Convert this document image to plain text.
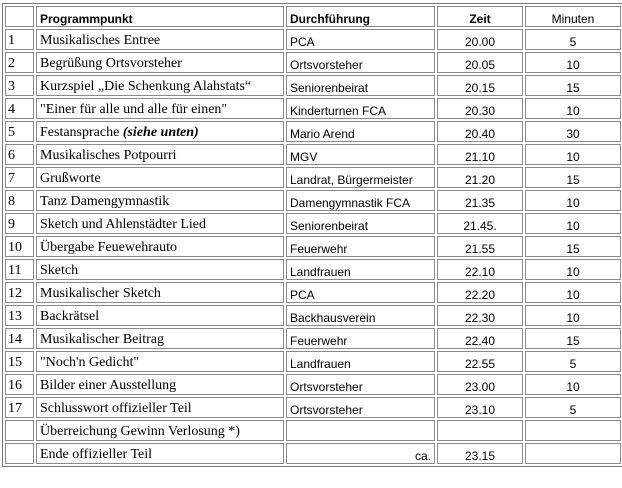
	Programmpunkt	Durchführung	Zeit	Minuten
1	Musikalisches Entree	PCA	20.00	5
2	Begrüßung Ortsvorsteher	Ortsvorsteher	20.05	10
3	Kurzspiel „Die Schenkung Alahstats“	Seniorenbeirat	20.15	15
4	"Einer für alle und alle für einen"	Kinderturnen FCA	20.30	10
5	Festansprache (siehe unten)	Mario Arend	20.40	30
6	Musikalisches Potpourri	MGV	21.10	10
7	Grußworte	Landrat, Bürgermeister	21.20	15
8	Tanz Damengymnastik	Damengymnastik FCA	21.35	10
9	Sketch und Ahlenstädter Lied	Seniorenbeirat	21.45.	10
10	Übergabe Feuewehrauto	Feuerwehr	21.55	15
11	Sketch	Landfrauen	22.10	10
12	Musikalischer Sketch	PCA	22.20	10
13	Backrätsel	Backhausverein	22.30	10
14	Musikalischer Beitrag	Feuerwehr	22.40	15
15	"Noch'n Gedicht"	Landfrauen	22.55	5
16	Bilder einer Ausstellung	Ortsvorsteher	23.00	10
17	Schlusswort offizieller Teil	Ortsvorsteher	23.10	5
	Überreichung Gewinn Verlosung *)			
	Ende offizieller Teil	ca.	23.15	
